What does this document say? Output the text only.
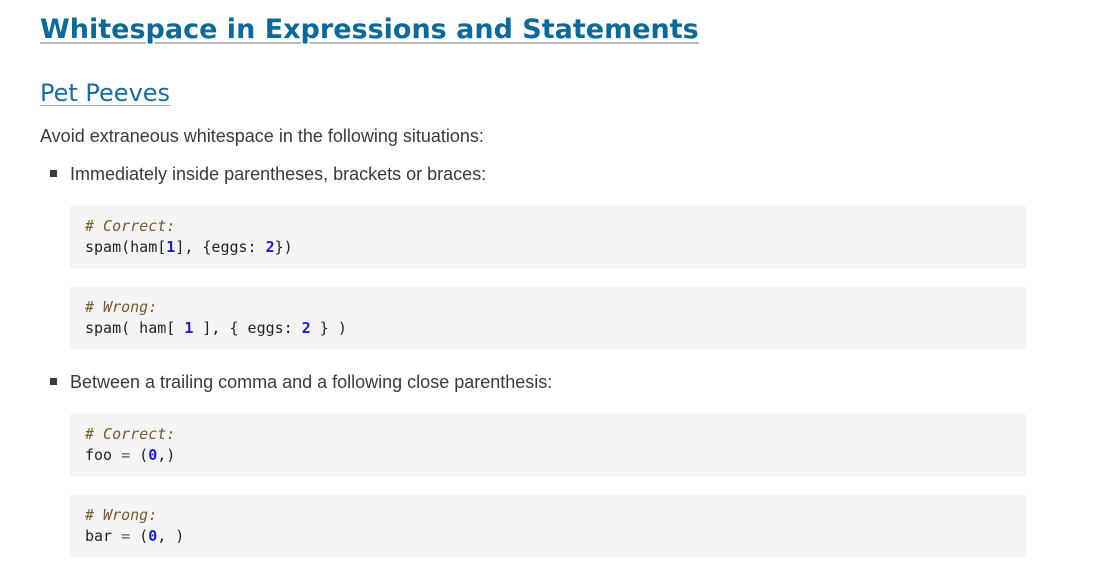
Whitespace in Expressions and Statements
Pet Peeves

Avoid extraneous whitespace in the following situations:

Immediately inside parentheses, brackets or braces:
# Correct:
spam(ham[1], {eggs: 2})
# Wrong:
spam( ham[ 1 ], { eggs: 2 } )
Between a trailing comma and a following close parenthesis:
# Correct:
foo = (0,)
# Wrong:
bar = (0, )
